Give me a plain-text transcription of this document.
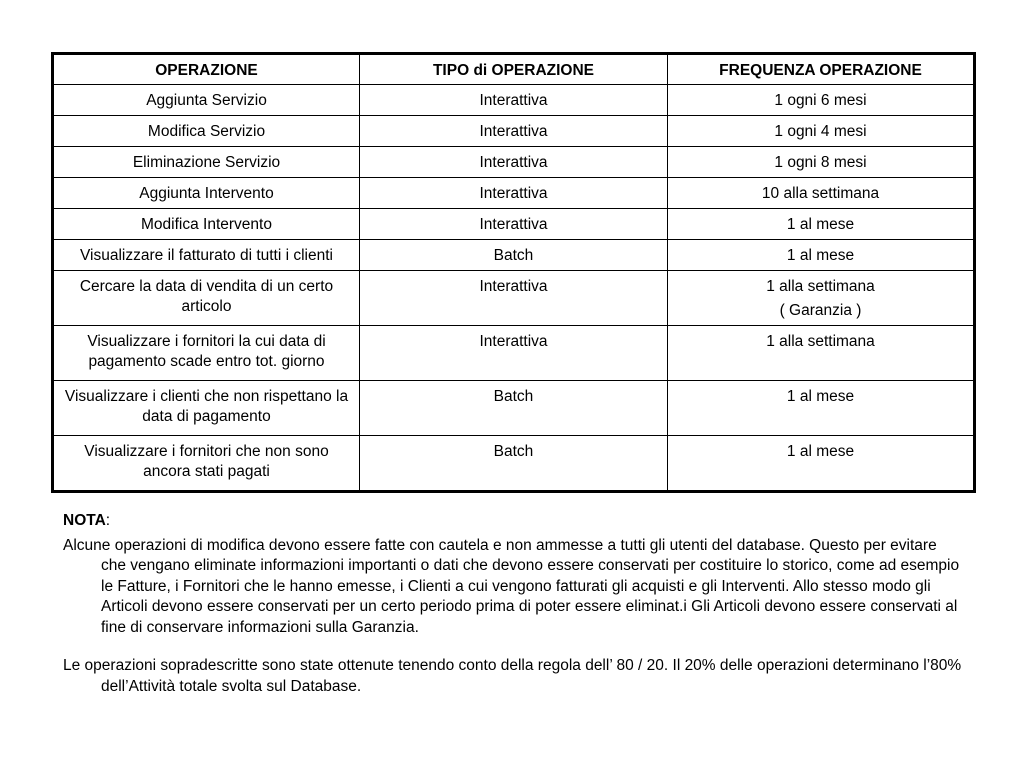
OPERAZIONE	TIPO di OPERAZIONE	FREQUENZA OPERAZIONE
Aggiunta Servizio	Interattiva	1 ogni 6 mesi
Modifica Servizio	Interattiva	1 ogni 4 mesi
Eliminazione Servizio	Interattiva	1 ogni 8 mesi
Aggiunta Intervento	Interattiva	10 alla settimana
Modifica Intervento	Interattiva	1 al mese
Visualizzare il fatturato di tutti i clienti	Batch	1 al mese
Cercare la data di vendita di un certo articolo	Interattiva	1 alla settimana
( Garanzia )

Visualizzare i fornitori la cui data di pagamento scade entro tot. giorno	Interattiva	1 alla settimana
Visualizzare i clienti che non rispettano la data di pagamento	Batch	1 al mese
Visualizzare i fornitori che non sono ancora stati pagati	Batch	1 al mese

NOTA:

Alcune operazioni di modifica devono essere fatte con cautela e non ammesse a tutti gli utenti del database. Questo per evitare che vengano eliminate informazioni importanti o dati che devono essere conservati per costituire lo storico, come ad esempio le Fatture, i Fornitori che le hanno emesse, i Clienti a cui vengono fatturati gli acquisti e gli Interventi. Allo stesso modo gli Articoli devono essere conservati per un certo periodo prima di poter essere eliminat.i Gli Articoli devono essere conservati al fine di conservare informazioni sulla Garanzia.

Le operazioni sopradescritte sono state ottenute tenendo conto della regola dell’ 80 / 20. Il 20% delle operazioni determinano l’80% dell’Attività totale svolta sul Database.
